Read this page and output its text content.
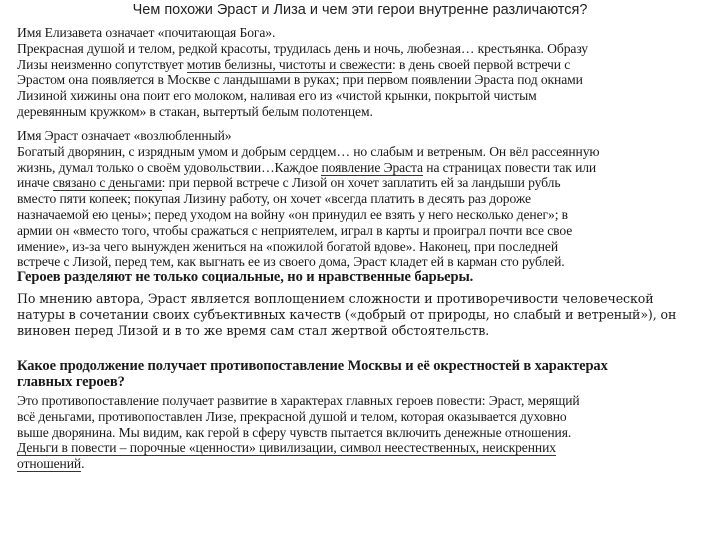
Чем похожи Эраст и Лиза и чем эти герои внутренне различаются?
Имя Елизавета означает «почитающая Бога».
Прекрасная душой и телом, редкой красоты, трудилась день и ночь, любезная… крестьянка. Образу
Лизы неизменно сопутствует мотив белизны, чистоты и свежести: в день своей первой встречи с
Эрастом она появляется в Москве с ландышами в руках; при первом появлении Эраста под окнами
Лизиной хижины она поит его молоком, наливая его из «чистой крынки, покрытой чистым
деревянным кружком» в стакан, вытертый белым полотенцем.
Имя Эраст означает «возлюбленный»
Богатый дворянин, с изрядным умом и добрым сердцем… но слабым и ветреным. Он вёл рассеянную
жизнь, думал только о своём удовольствии…Каждое появление Эраста на страницах повести так или
иначе связано с деньгами: при первой встрече с Лизой он хочет заплатить ей за ландыши рубль
вместо пяти копеек; покупая Лизину работу, он хочет «всегда платить в десять раз дороже
назначаемой ею цены»; перед уходом на войну «он принудил ее взять у него несколько денег»; в
армии он «вместо того, чтобы сражаться с неприятелем, играл в карты и проиграл почти все свое
имение», из-за чего вынужден жениться на «пожилой богатой вдове». Наконец, при последней
встрече с Лизой, перед тем, как выгнать ее из своего дома, Эраст кладет ей в карман сто рублей.
Героев разделяют не только социальные, но и нравственные барьеры.
По мнению автора, Эраст является воплощением сложности и противоречивости человеческой
натуры в сочетании своих субъективных качеств («добрый от природы, но слабый и ветреный»), он
виновен перед Лизой и в то же время сам стал жертвой обстоятельств.
Какое продолжение получает противопоставление Москвы и её окрестностей в характерах
главных героев?
Это противопоставление получает развитие в характерах главных героев повести: Эраст, мерящий
всё деньгами, противопоставлен Лизе, прекрасной душой и телом, которая оказывается духовно
выше дворянина. Мы видим, как герой в сферу чувств пытается включить денежные отношения.
Деньги в повести – порочные «ценности» цивилизации, символ неестественных, неискренних
отношений.
